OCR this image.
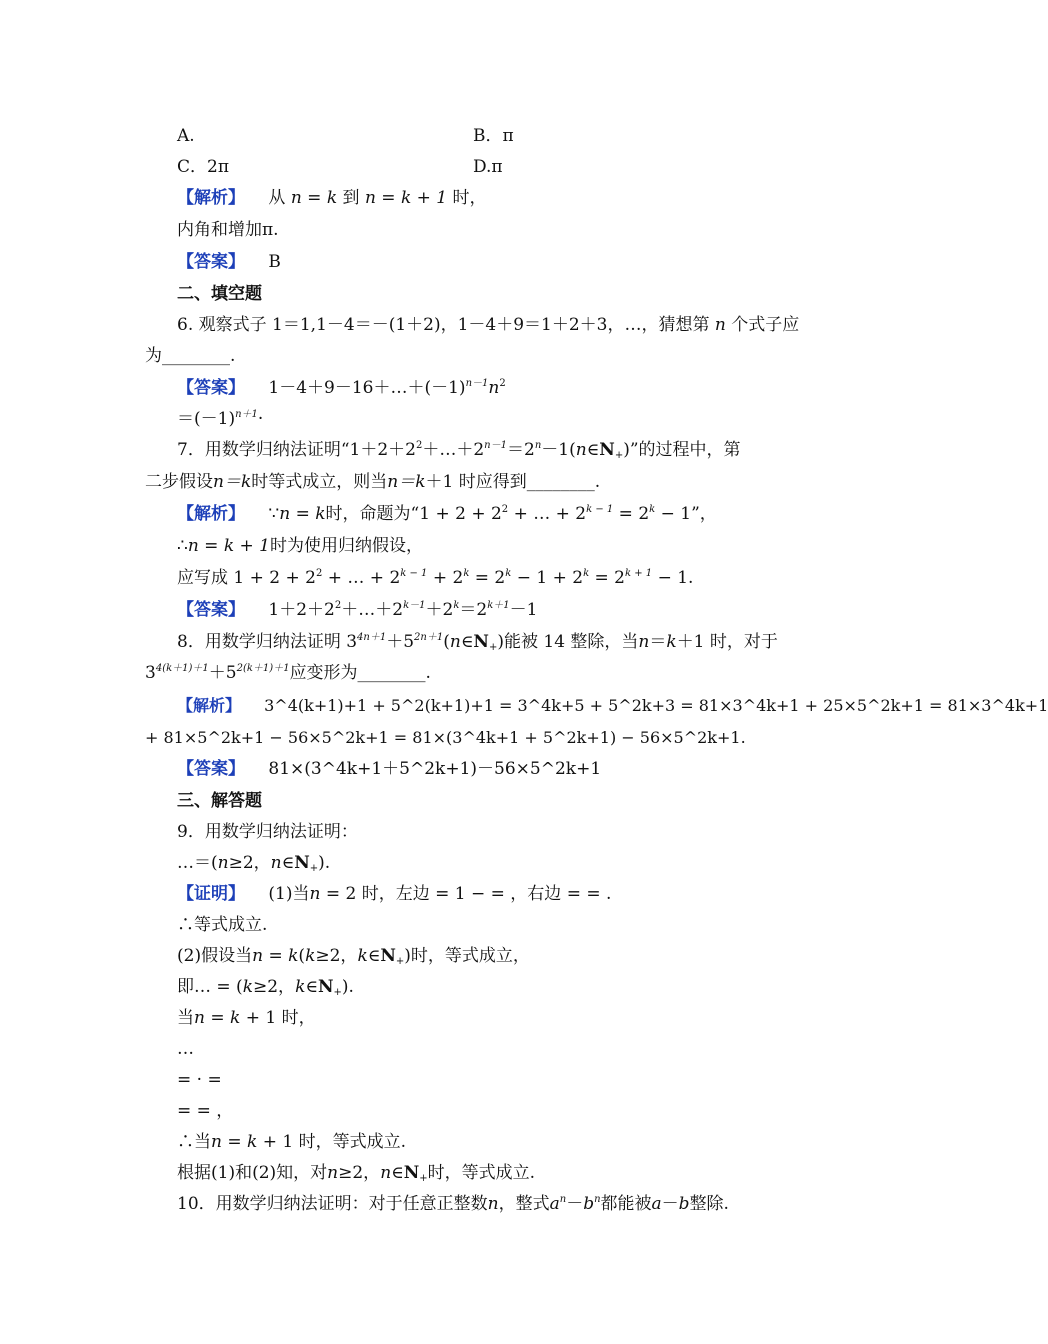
A.	B．π
C．2π	D.π
【解析】 从 n = k 到 n = k + 1 时，
内角和增加π.
【答案】 B
二、填空题
6. 观察式子 1＝1,1－4＝－(1＋2)，1－4＋9＝1＋2＋3，…，猜想第 n 个式子应
为________.
【答案】 $1-4+9-16+\dots+(-1)^{n-1}n^2$
$=(-1)^{n+1}\cdot$
7．用数学归纳法证明“$1+2+2^2+\dots+2^{n-1}=2^n-1(n\in N_+)$”的过程中，第
二步假设n＝k时等式成立，则当n＝k＋1 时应得到________.
【解析】 ∵n = k时，命题为“$1 + 2 + 2^2$ + … + $2^{k - 1} = 2^k - 1$”，
∴n = k + 1时为使用归纳假设，
应写成 $1 + 2 + 2^2$ + … + $2^{k - 1} + 2^k = 2^k - 1 + 2^k = 2^{k + 1} - 1$.
【答案】 $1+2+2^2+\dots+2^{k-1}+2^k=2^{k+1}-1$
8．用数学归纳法证明 $3^{4n+1}+5^{2n+1}(n\in N_+)$能被 14 整除，当n＝k＋1 时，对于
$3^{4(k+1)+1}+5^{2(k+1)+1}$应变形为________.
【解析】 3^4(k+1)+1 + 5^2(k+1)+1 = 3^4k+5 + 5^2k+3 = 81×3^4k+1 + 25×5^2k+1 = 81×3^4k+1
+ 81×5^2k+1 − 56×5^2k+1 = 81×(3^4k+1 + 5^2k+1) − 56×5^2k+1.
【答案】 81×(3^4k+1＋5^2k+1)－56×5^2k+1
三、解答题
9．用数学归纳法证明：
…＝(n≥2，$n\in N_+$).
【证明】 (1)当n = 2 时，左边 = 1 − = ，右边 = = .
∴等式成立.
(2)假设当n = k(k≥2，$k\in N_+$)时，等式成立，
即… = (k≥2，$k\in N_+$).
当n = k + 1 时，
…
= · =
= = ，
∴当n = k + 1 时，等式成立.
根据(1)和(2)知，对n≥2，$n\in N_+$时，等式成立.
10．用数学归纳法证明：对于任意正整数n，整式$a^n-b^n$都能被a－b整除.
